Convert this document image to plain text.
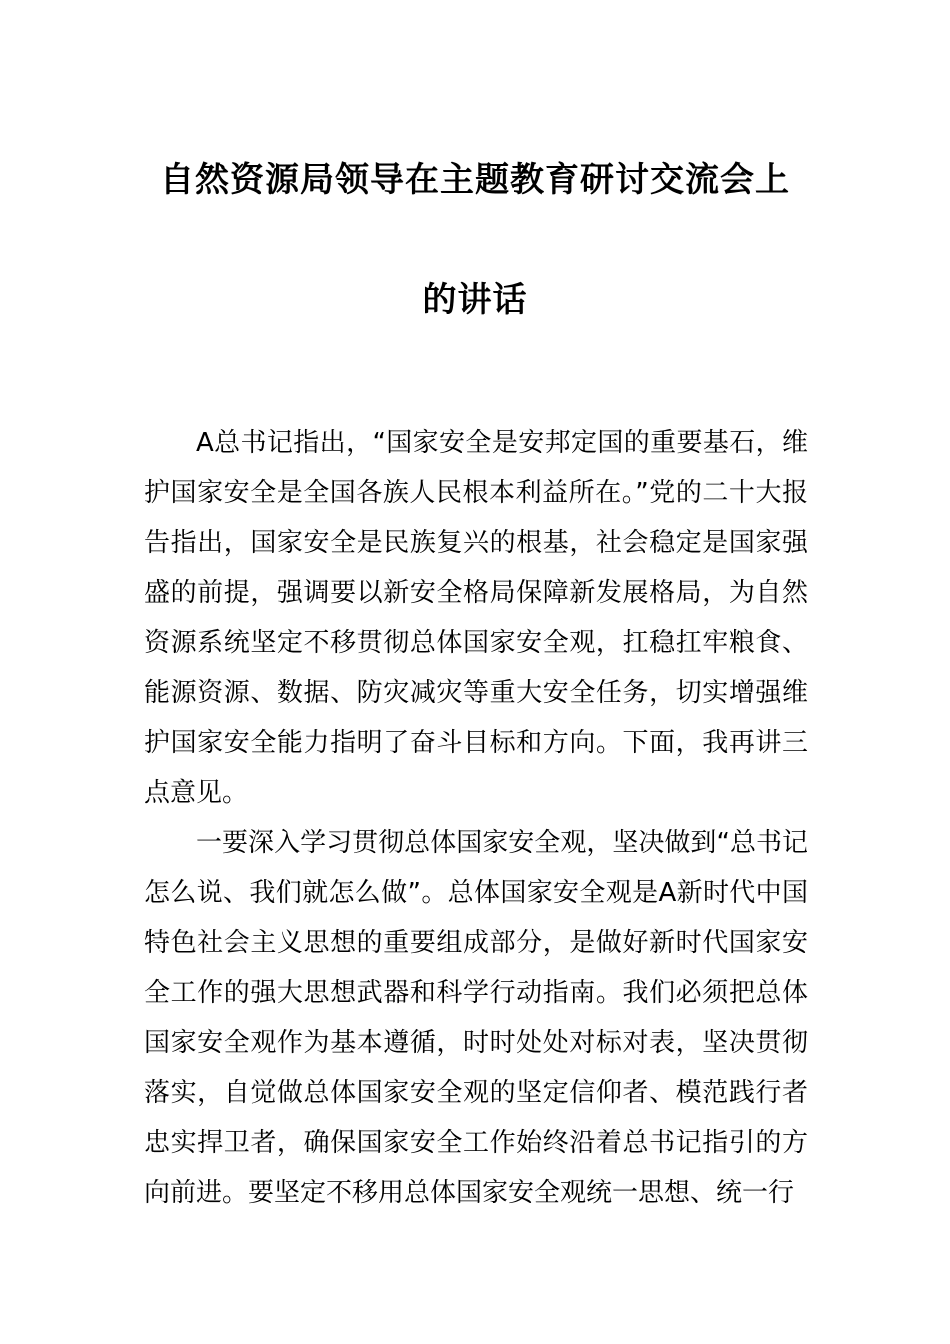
自然资源局领导在主题教育研讨交流会上
的讲话

A总书记指出，“国家安全是安邦定国的重要基石，维护国家安全是全国各族人民根本利益所在。”党的二十大报告指出，国家安全是民族复兴的根基，社会稳定是国家强盛的前提，强调要以新安全格局保障新发展格局，为自然资源系统坚定不移贯彻总体国家安全观，扛稳扛牢粮食、能源资源、数据、防灾减灾等重大安全任务，切实增强维护国家安全能力指明了奋斗目标和方向。下面，我再讲三点意见。

一要深入学习贯彻总体国家安全观，坚决做到“总书记怎么说、我们就怎么做”。总体国家安全观是A新时代中国特色社会主义思想的重要组成部分，是做好新时代国家安全工作的强大思想武器和科学行动指南。我们必须把总体国家安全观作为基本遵循，时时处处对标对表，坚决贯彻落实，自觉做总体国家安全观的坚定信仰者、模范践行者忠实捍卫者，确保国家安全工作始终沿着总书记指引的方向前进。要坚定不移用总体国家安全观统一思想、统一行
